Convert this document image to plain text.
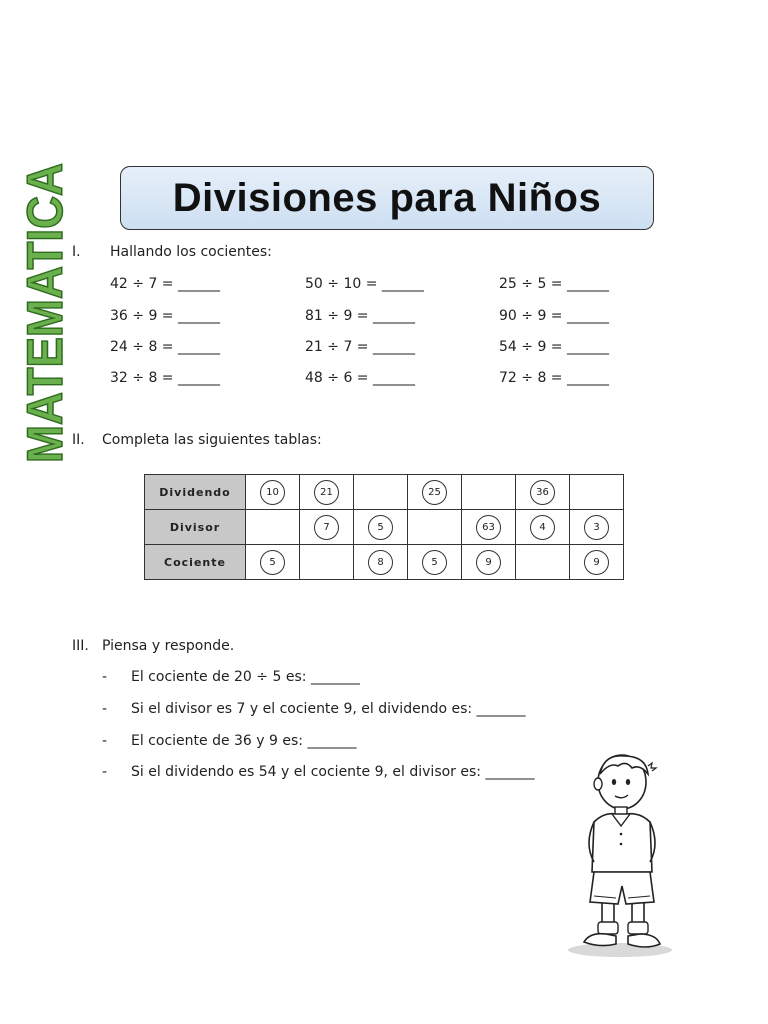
MATEMATICA Divisiones para Niños
I. Hallando los cocientes:
42 ÷ 7 = ______	50 ÷ 10 = ______	25 ÷ 5 = ______
36 ÷ 9 = ______	81 ÷ 9 = ______	90 ÷ 9 = ______
24 ÷ 8 = ______	21 ÷ 7 = ______	54 ÷ 9 = ______
32 ÷ 8 = ______	48 ÷ 6 = ______	72 ÷ 8 = ______
II. Completa las siguientes tablas:
Dividendo	10	21		25		36	
Divisor		7	5		63	4	3
Cociente	5		8	5	9		9
III. Piensa y responde.
- El cociente de 20 ÷ 5 es: _______
- Si el divisor es 7 y el cociente 9, el dividendo es: _______
- El cociente de 36 y 9 es: _______
- Si el dividendo es 54 y el cociente 9, el divisor es: _______
